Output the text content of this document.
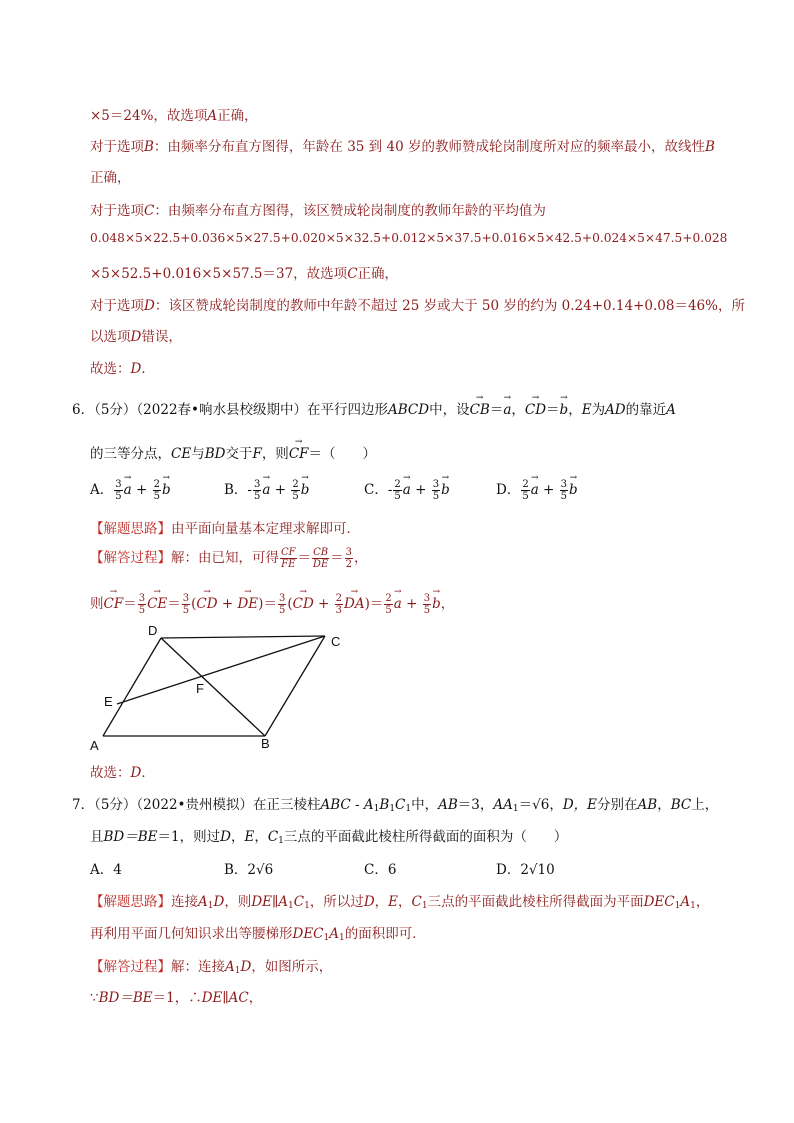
×5＝24%，故选项A正确，
对于选项B：由频率分布直方图得，年龄在 35 到 40 岁的教师赞成轮岗制度所对应的频率最小，故线性B
正确，
对于选项C：由频率分布直方图得，该区赞成轮岗制度的教师年龄的平均值为
0.048×5×22.5+0.036×5×27.5+0.020×5×32.5+0.012×5×37.5+0.016×5×42.5+0.024×5×47.5+0.028
×5×52.5+0.016×5×57.5＝37，故选项C正确，
对于选项D：该区赞成轮岗制度的教师中年龄不超过 25 岁或大于 50 岁的约为 0.24+0.14+0.08＝46%，所
以选项D错误，
故选：D．
6．（5分）（2022春•响水县校级期中）在平行四边形ABCD中，设→ CB＝→ a，→ CD＝→ b，E为AD的靠近A
的三等分点，CE与BD交于F，则→ CF＝（　　）
A． $\frac{3}{5}$
→ $a + \frac{2}{5}$
→ b	B．- $\frac{3}{5}$
→ $a + \frac{2}{5}$
→ b	C．- $\frac{2}{5}$
→ $a + \frac{3}{5}$
→ b	D． $\frac{2}{5}$
→ $a + \frac{3}{5}$
→ b
【解题思路】由平面向量基本定理求解即可．
【解答过程】解：由已知，可得 $\frac{CF}{FE} = \frac{CB}{DE} = \frac{3}{2}$ ，
则→ $CF= \frac{3}{5}$
→ $CE= \frac{3}{5}$ (→ CD + → $DE)= \frac{3}{5}$ (→ CD + $\frac{2}{3}$
→ $DA)= \frac{2}{5}$
→ $a + \frac{3}{5}$
→ b，
D
C
E
F
A	B
故选：D．
7．（5分）（2022•贵州模拟）在正三棱柱ABC - $A_1B_1C_1$中，AB＝3，$AA_1=√6$，D，E分别在AB，BC上，
且BD＝BE＝1，则过D，E，$C_1$三点的平面截此棱柱所得截面的面积为（　　）
A．4	B．2√6	C．6	D．2√10
【解题思路】连接$A_1D$，则$DE\parallel A_1C_1$，所以过D，E，$C_1$三点的平面截此棱柱所得截面为平面$DEC_1A_1$，
再利用平面几何知识求出等腰梯形$DEC_1A_1$的面积即可．
【解答过程】解：连接$A_1D$，如图所示，
∵BD＝BE＝1，∴DE∥AC，
